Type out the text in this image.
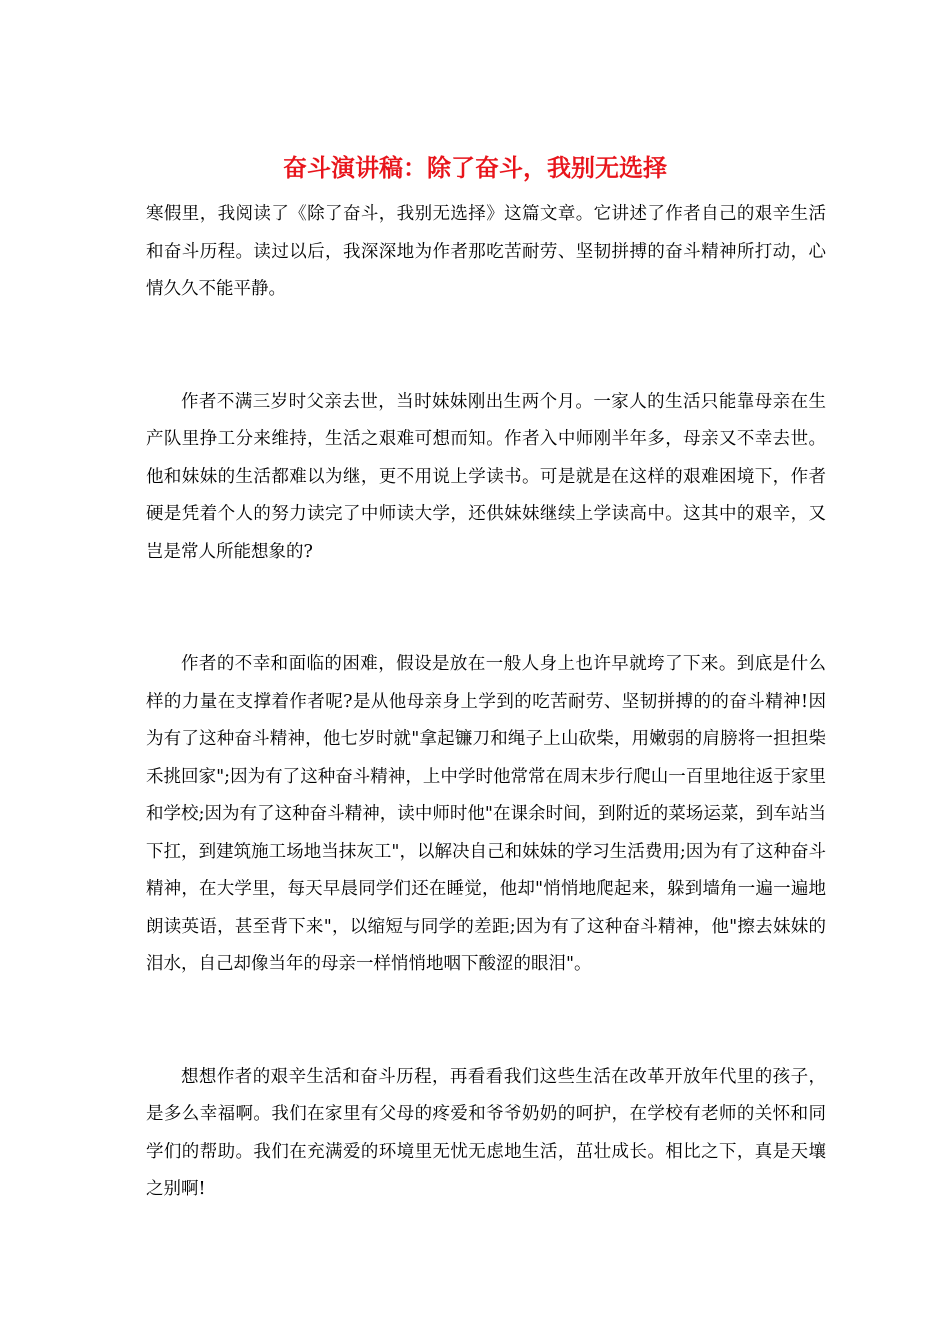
奋斗演讲稿：除了奋斗，我别无选择

寒假里，我阅读了《除了奋斗，我别无选择》这篇文章。它讲述了作者自己的艰辛生活和奋斗历程。读过以后，我深深地为作者那吃苦耐劳、坚韧拼搏的奋斗精神所打动，心情久久不能平静。

作者不满三岁时父亲去世，当时妹妹刚出生两个月。一家人的生活只能靠母亲在生产队里挣工分来维持，生活之艰难可想而知。作者入中师刚半年多，母亲又不幸去世。他和妹妹的生活都难以为继，更不用说上学读书。可是就是在这样的艰难困境下，作者硬是凭着个人的努力读完了中师读大学，还供妹妹继续上学读高中。这其中的艰辛，又岂是常人所能想象的?

作者的不幸和面临的困难，假设是放在一般人身上也许早就垮了下来。到底是什么样的力量在支撑着作者呢?是从他母亲身上学到的吃苦耐劳、坚韧拼搏的的奋斗精神!因为有了这种奋斗精神，他七岁时就"拿起镰刀和绳子上山砍柴，用嫩弱的肩膀将一担担柴禾挑回家";因为有了这种奋斗精神，上中学时他常常在周末步行爬山一百里地往返于家里和学校;因为有了这种奋斗精神，读中师时他"在课余时间，到附近的菜场运菜，到车站当下扛，到建筑施工场地当抹灰工"，以解决自己和妹妹的学习生活费用;因为有了这种奋斗精神，在大学里，每天早晨同学们还在睡觉，他却"悄悄地爬起来，躲到墙角一遍一遍地朗读英语，甚至背下来"，以缩短与同学的差距;因为有了这种奋斗精神，他"擦去妹妹的泪水，自己却像当年的母亲一样悄悄地咽下酸涩的眼泪"。

想想作者的艰辛生活和奋斗历程，再看看我们这些生活在改革开放年代里的孩子，是多么幸福啊。我们在家里有父母的疼爱和爷爷奶奶的呵护，在学校有老师的关怀和同学们的帮助。我们在充满爱的环境里无忧无虑地生活，茁壮成长。相比之下，真是天壤之别啊!
